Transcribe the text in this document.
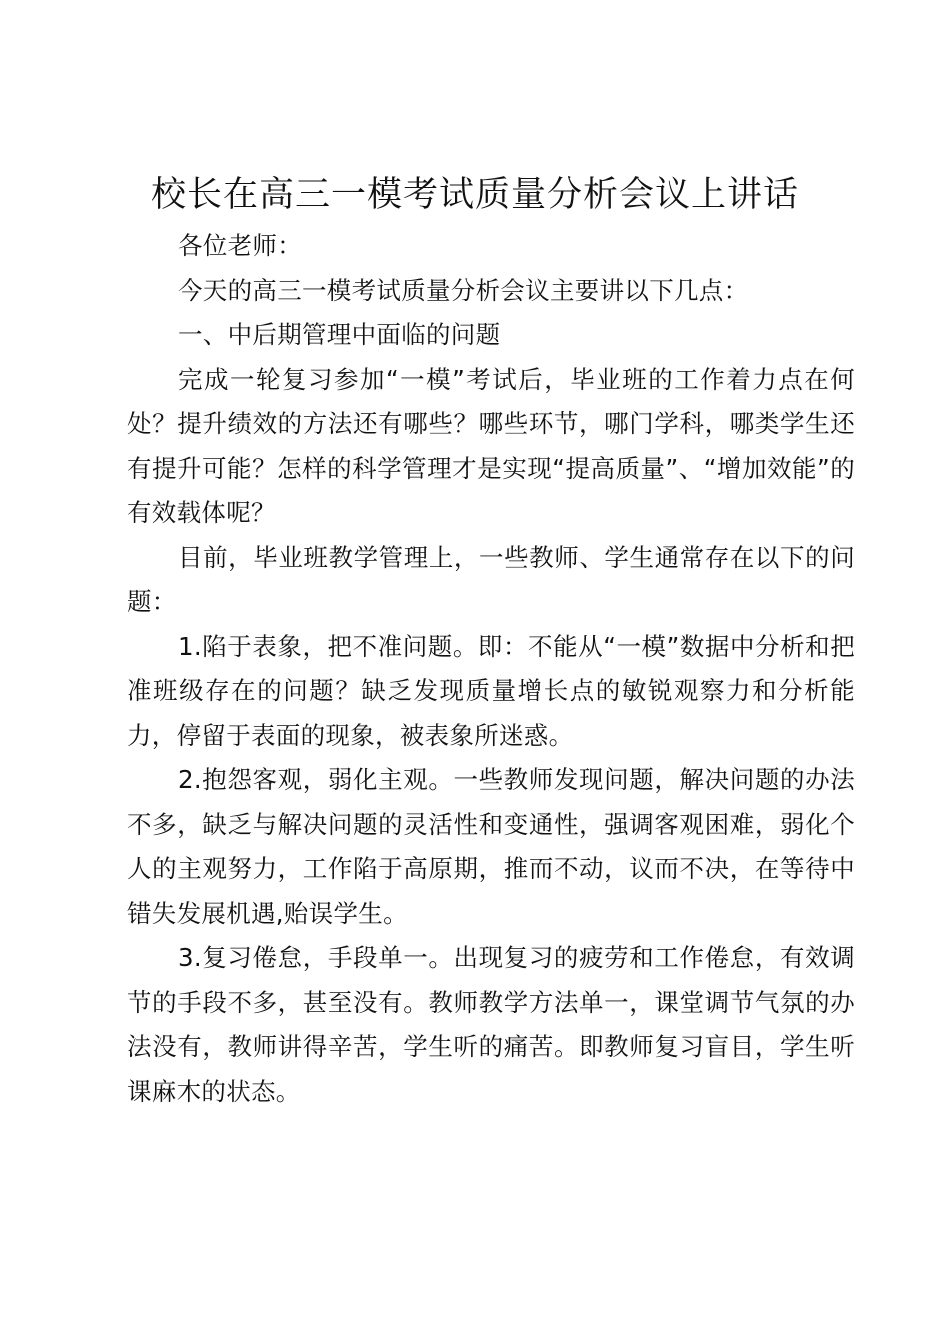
校长在高三一模考试质量分析会议上讲话

各位老师：

今天的高三一模考试质量分析会议主要讲以下几点：

一、中后期管理中面临的问题

完成一轮复习参加“一模”考试后，毕业班的工作着力点在何处？提升绩效的方法还有哪些？哪些环节，哪门学科，哪类学生还有提升可能？怎样的科学管理才是实现“提高质量”、“增加效能”的有效载体呢？

目前，毕业班教学管理上，一些教师、学生通常存在以下的问题：

1.陷于表象，把不准问题。即：不能从“一模”数据中分析和把准班级存在的问题？缺乏发现质量增长点的敏锐观察力和分析能力，停留于表面的现象，被表象所迷惑。

2.抱怨客观，弱化主观。一些教师发现问题，解决问题的办法不多，缺乏与解决问题的灵活性和变通性，强调客观困难，弱化个人的主观努力，工作陷于高原期，推而不动，议而不决，在等待中错失发展机遇,贻误学生。

3.复习倦怠，手段单一。出现复习的疲劳和工作倦怠，有效调节的手段不多，甚至没有。教师教学方法单一，课堂调节气氛的办法没有，教师讲得辛苦，学生听的痛苦。即教师复习盲目，学生听课麻木的状态。
